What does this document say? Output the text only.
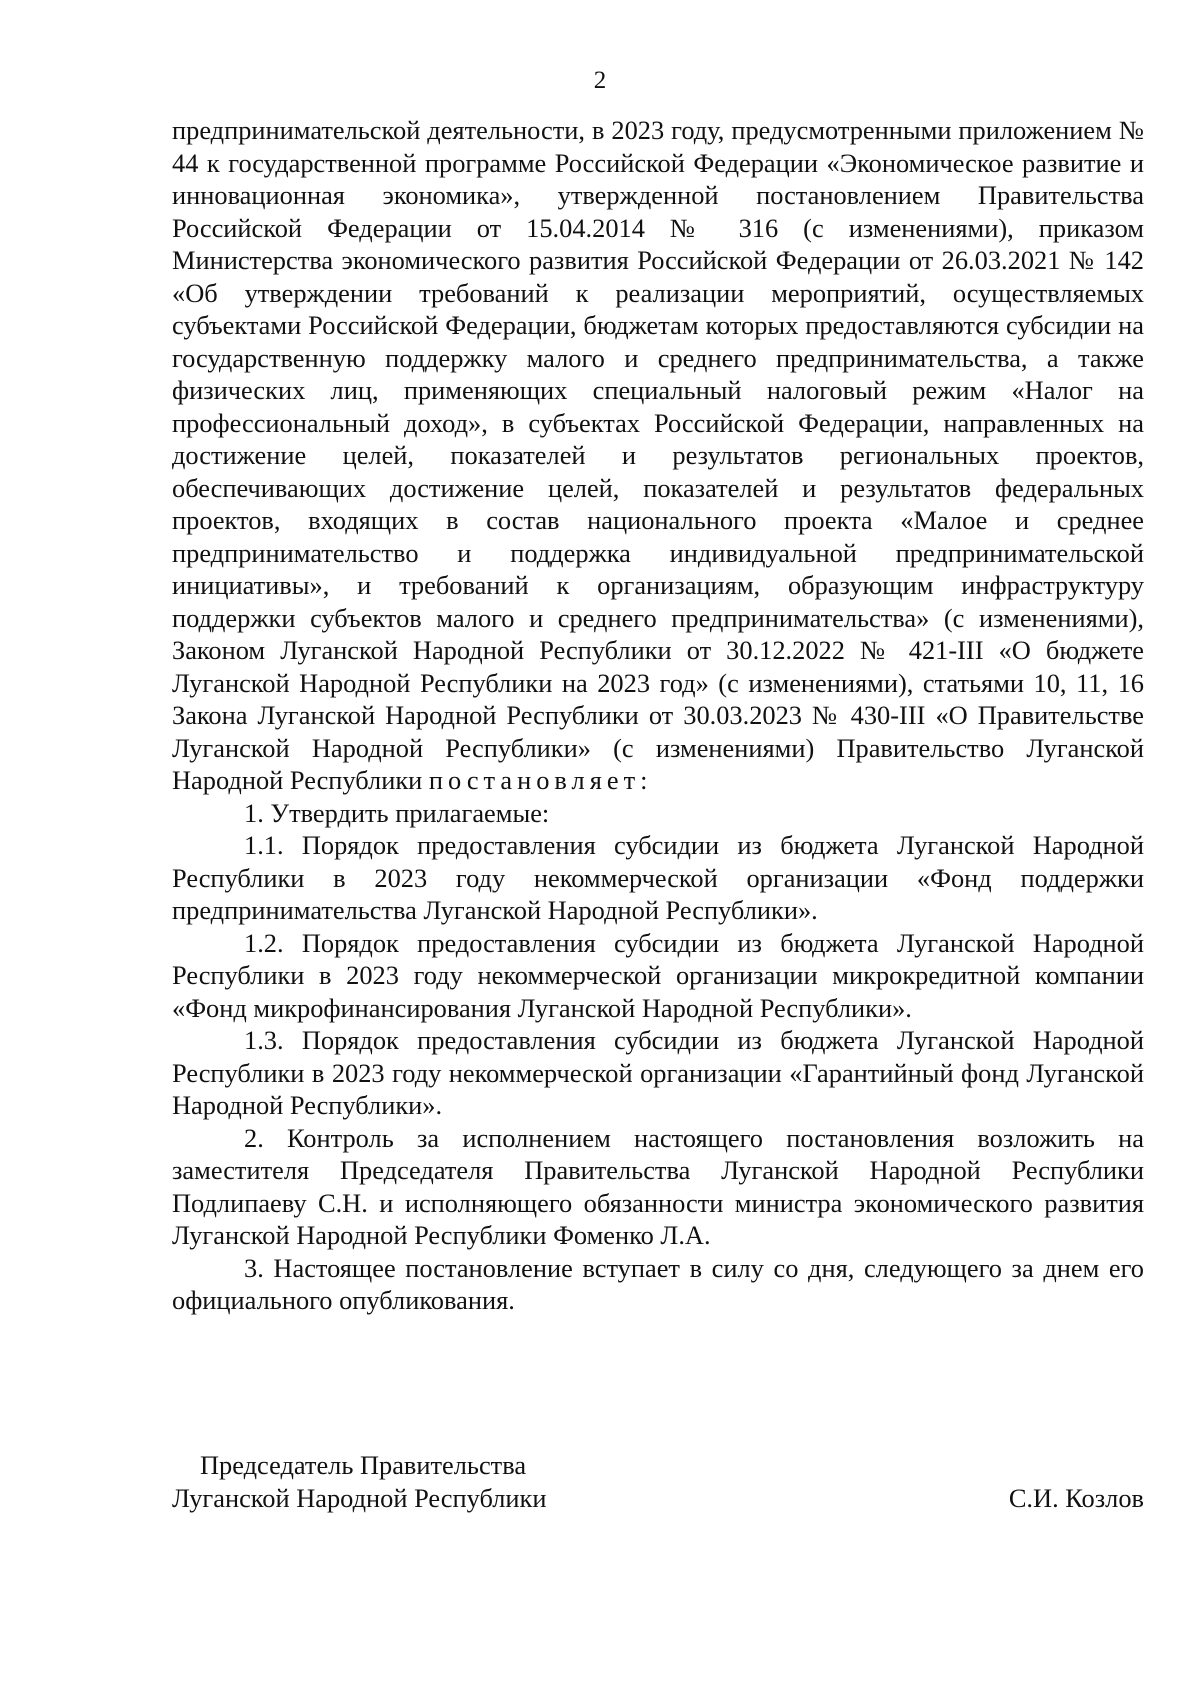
2

предпринимательской деятельности, в 2023 году, предусмотренными приложением № 44 к государственной программе Российской Федерации «Экономическое развитие и инновационная экономика», утвержденной постановлением Правительства Российской Федерации от 15.04.2014 № 316 (с изменениями), приказом Министерства экономического развития Российской Федерации от 26.03.2021 № 142 «Об утверждении требований к реализации мероприятий, осуществляемых субъектами Российской Федерации, бюджетам которых предоставляются субсидии на государственную поддержку малого и среднего предпринимательства, а также физических лиц, применяющих специальный налоговый режим «Налог на профессиональный доход», в субъектах Российской Федерации, направленных на достижение целей, показателей и результатов региональных проектов, обеспечивающих достижение целей, показателей и результатов федеральных проектов, входящих в состав национального проекта «Малое и среднее предпринимательство и поддержка индивидуальной предпринимательской инициативы», и требований к организациям, образующим инфраструктуру поддержки субъектов малого и среднего предпринимательства» (с изменениями), Законом Луганской Народной Республики от 30.12.2022 № 421-III «О бюджете Луганской Народной Республики на 2023 год» (с изменениями), статьями 10, 11, 16 Закона Луганской Народной Республики от 30.03.2023 № 430-III «О Правительстве Луганской Народной Республики» (с изменениями) Правительство Луганской Народной Республики постановляет:

1. Утвердить прилагаемые:

1.1. Порядок предоставления субсидии из бюджета Луганской Народной Республики в 2023 году некоммерческой организации «Фонд поддержки предпринимательства Луганской Народной Республики».

1.2. Порядок предоставления субсидии из бюджета Луганской Народной Республики в 2023 году некоммерческой организации микрокредитной компании «Фонд микрофинансирования Луганской Народной Республики».

1.3. Порядок предоставления субсидии из бюджета Луганской Народной Республики в 2023 году некоммерческой организации «Гарантийный фонд Луганской Народной Республики».

2. Контроль за исполнением настоящего постановления возложить на заместителя Председателя Правительства Луганской Народной Республики Подлипаеву С.Н. и исполняющего обязанности министра экономического развития Луганской Народной Республики Фоменко Л.А.

3. Настоящее постановление вступает в силу со дня, следующего за днем его официального опубликования.

Председатель Правительства
Луганской Народной Республики	С.И. Козлов
